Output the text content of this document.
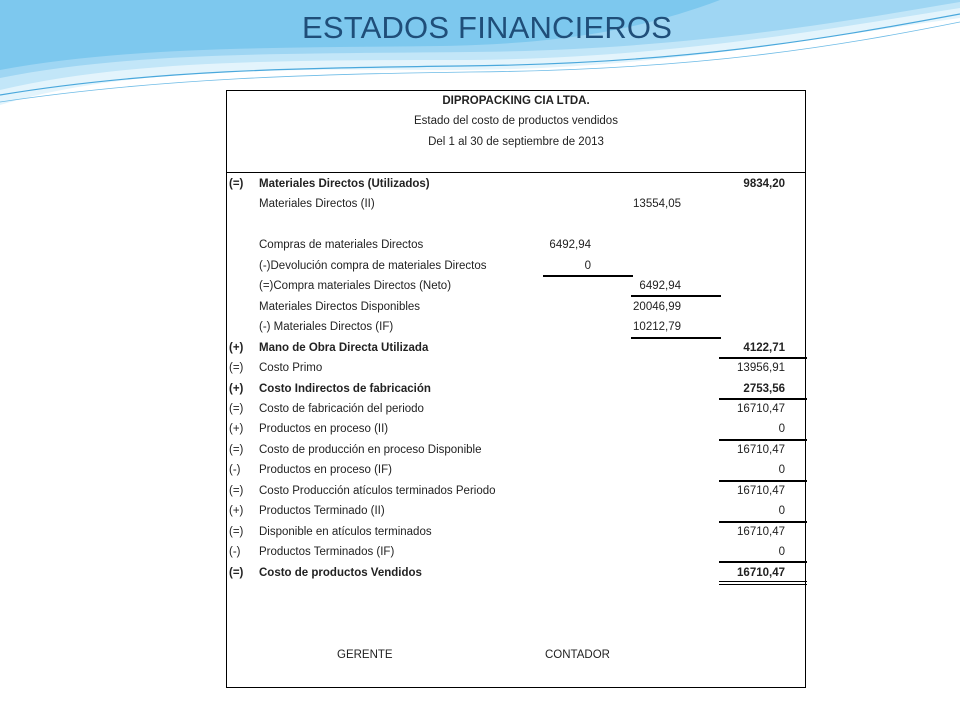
ESTADOS FINANCIEROS
DIPROPACKING CIA LTDA.
Estado del costo de productos vendidos
Del 1 al 30 de septiembre de 2013
(=) Materiales Directos (Utilizados)	9834,20
Materiales Directos (II)	13554,05
Compras de materiales Directos	6492,94
(-)Devolución compra de materiales Directos	0
(=)Compra materiales Directos (Neto)	6492,94
Materiales Directos Disponibles	20046,99
(-) Materiales Directos (IF)	10212,79
(+) Mano de Obra Directa Utilizada	4122,71
(=) Costo Primo	13956,91
(+) Costo Indirectos de fabricación	2753,56
(=) Costo de fabricación del periodo	16710,47
(+) Productos en proceso (II)	0
(=) Costo de producción en proceso Disponible	16710,47
(-) Productos en proceso (IF)	0
(=) Costo Producción atículos terminados Periodo	16710,47
(+) Productos Terminado (II)	0
(=) Disponible en atículos terminados	16710,47
(-) Productos Terminados (IF)	0
(=) Costo de productos Vendidos	16710,47
GERENTE	CONTADOR
